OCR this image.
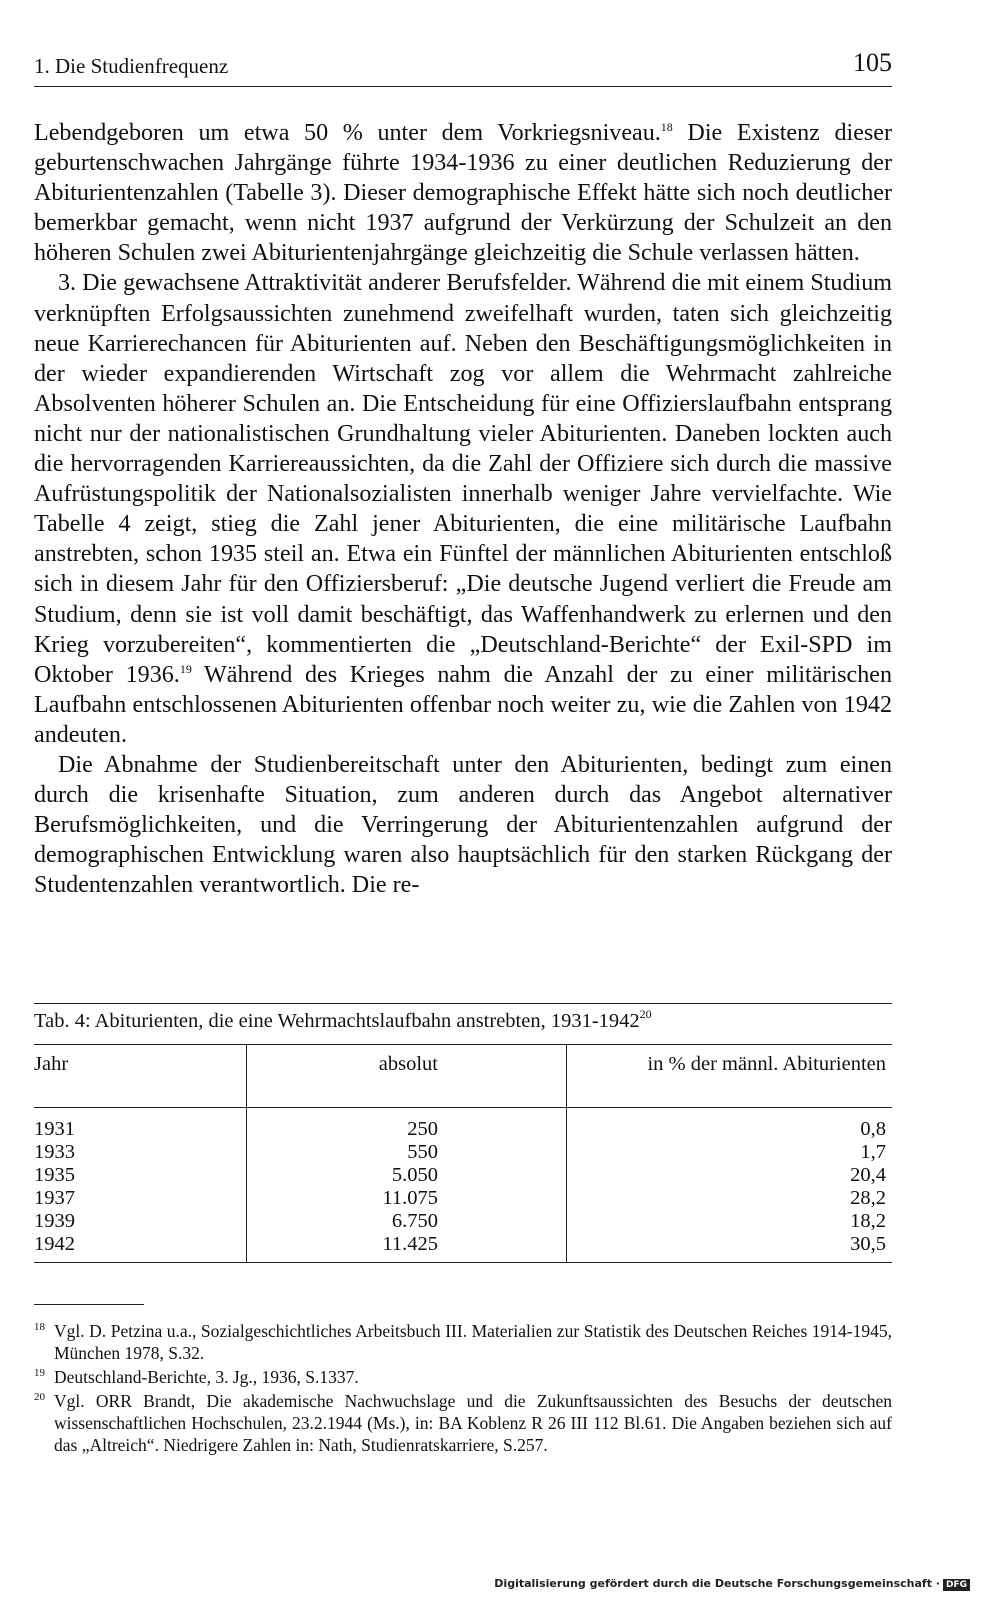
1. Die Studienfrequenz	105

Lebendgeboren um etwa 50 % unter dem Vorkriegsniveau.$^{18}$ Die Existenz dieser geburtenschwachen Jahrgänge führte 1934-1936 zu einer deutlichen Reduzierung der Abiturientenzahlen (Tabelle 3). Dieser demographische Effekt hätte sich noch deutlicher bemerkbar gemacht, wenn nicht 1937 aufgrund der Verkürzung der Schulzeit an den höheren Schulen zwei Abiturientenjahrgänge gleichzeitig die Schule verlassen hätten.

3. Die gewachsene Attraktivität anderer Berufsfelder. Während die mit einem Studium verknüpften Erfolgsaussichten zunehmend zweifelhaft wurden, taten sich gleichzeitig neue Karrierechancen für Abiturienten auf. Neben den Beschäftigungsmöglichkeiten in der wieder expandierenden Wirtschaft zog vor allem die Wehrmacht zahlreiche Absolventen höherer Schulen an. Die Entscheidung für eine Offizierslaufbahn entsprang nicht nur der nationalistischen Grundhaltung vieler Abiturienten. Daneben lockten auch die hervorragenden Karriereaussichten, da die Zahl der Offiziere sich durch die massive Aufrüstungspolitik der Nationalsozialisten innerhalb weniger Jahre vervielfachte. Wie Tabelle 4 zeigt, stieg die Zahl jener Abiturienten, die eine militärische Laufbahn anstrebten, schon 1935 steil an. Etwa ein Fünftel der männlichen Abiturienten entschloß sich in diesem Jahr für den Offiziersberuf: „Die deutsche Jugend verliert die Freude am Studium, denn sie ist voll damit beschäftigt, das Waffenhandwerk zu erlernen und den Krieg vorzubereiten“, kommentierten die „Deutschland-Berichte“ der Exil-SPD im Oktober 1936.19 Während des Krieges nahm die Anzahl der zu einer militärischen Laufbahn entschlossenen Abiturienten offenbar noch weiter zu, wie die Zahlen von 1942 andeuten.

Die Abnahme der Studienbereitschaft unter den Abiturienten, bedingt zum einen durch die krisenhafte Situation, zum anderen durch das Angebot alternativer Berufsmöglichkeiten, und die Verringerung der Abiturientenzahlen aufgrund der demographischen Entwicklung waren also hauptsächlich für den starken Rückgang der Studentenzahlen verantwortlich. Die re-

Tab. 4: Abiturienten, die eine Wehrmachtslaufbahn anstrebten, 1931-1942$^{20}$
Jahr	absolut	in % der männl. Abiturienten
1931	250	0,8
1933	550	1,7
1935	5.050	20,4
1937	11.075	28,2
1939	6.750	18,2
1942	11.425	30,5
18 Vgl. D. Petzina u.a., Sozialgeschichtliches Arbeitsbuch III. Materialien zur Statistik des Deutschen Reiches 1914-1945, München 1978, S.32.
19 Deutschland-Berichte, 3. Jg., 1936, S.1337.
20 Vgl. ORR Brandt, Die akademische Nachwuchslage und die Zukunftsaussichten des Besuchs der deutschen wissenschaftlichen Hochschulen, 23.2.1944 (Ms.), in: BA Koblenz R 26 III 112 Bl.61. Die Angaben beziehen sich auf das „Altreich“. Niedrigere Zahlen in: Nath, Studienratskarriere, S.257.
Digitalisierung gefördert durch die Deutsche Forschungsgemeinschaft · DFG
